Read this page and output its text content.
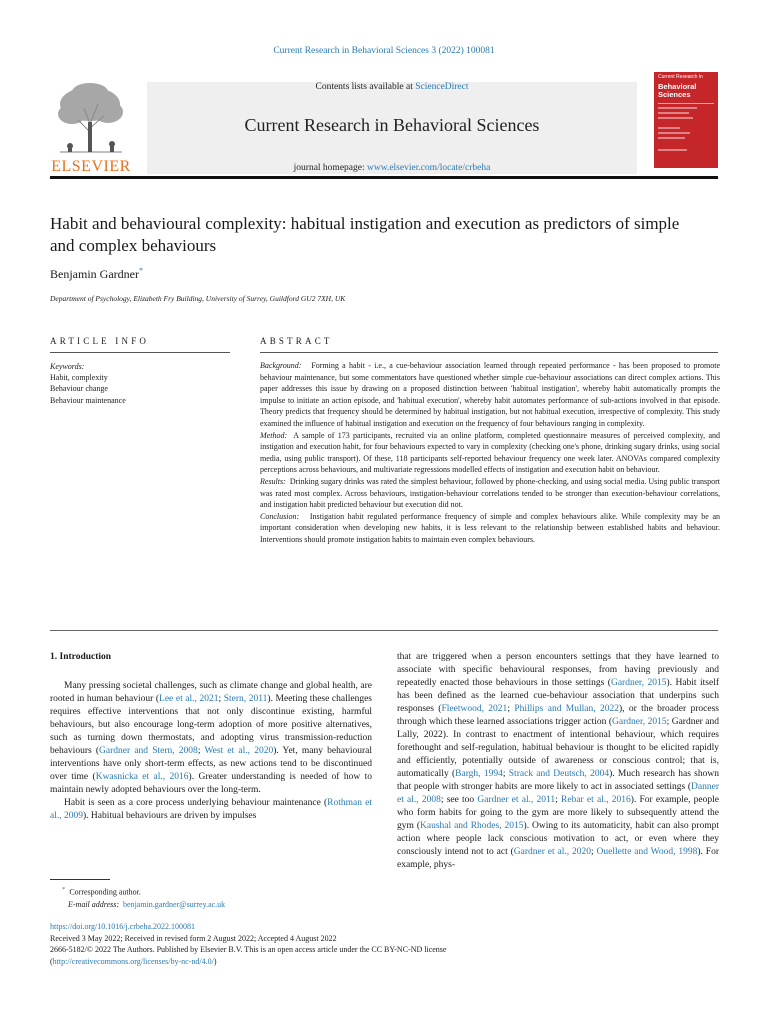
Current Research in Behavioral Sciences 3 (2022) 100081
ELSEVIER
Contents lists available at ScienceDirect
Current Research in Behavioral Sciences
journal homepage: www.elsevier.com/locate/crbeha
Current Research in
Behavioral
Sciences
Habit and behavioural complexity: habitual instigation and execution as predictors of simple and complex behaviours
Benjamin Gardner*
Department of Psychology, Elizabeth Fry Building, University of Surrey, Guildford GU2 7XH, UK
ARTICLE INFO	ABSTRACT
Keywords:
Habit, complexity
Behaviour change
Behaviour maintenance

Background: Forming a habit - i.e., a cue-behaviour association learned through repeated performance - has been proposed to promote behaviour maintenance, but some commentators have questioned whether simple cue-behaviour associations can direct complex actions. This paper addresses this issue by drawing on a proposed distinction between 'habitual instigation', whereby habit automatically prompts the impulse to initiate an action episode, and 'habitual execution', whereby habit automates performance of sub-actions involved in that episode. Theory predicts that frequency should be determined by habitual instigation, but not habitual execution, irrespective of complexity. This study examined the influence of habitual instigation and execution on the frequency of four behaviours ranging in complexity.

Method: A sample of 173 participants, recruited via an online platform, completed questionnaire measures of perceived complexity, and instigation and execution habit, for four behaviours expected to vary in complexity (checking one's phone, drinking sugary drinks, using social media, using public transport). Of these, 118 participants self-reported behaviour frequency one week later. ANOVAs compared complexity perceptions across behaviours, and multivariate regressions modelled effects of instigation and execution habit on behaviour.

Results: Drinking sugary drinks was rated the simplest behaviour, followed by phone-checking, and using social media. Using public transport was rated most complex. Across behaviours, instigation-behaviour correlations tended to be stronger than execution-behaviour correlations, and instigation habit predicted behaviour but execution did not.

Conclusion: Instigation habit regulated performance frequency of simple and complex behaviours alike. While complexity may be an important consideration when developing new habits, it is less relevant to the relationship between established habits and behaviour. Interventions should promote instigation habits to maintain even complex behaviours.

1. Introduction

Many pressing societal challenges, such as climate change and global health, are rooted in human behaviour (Lee et al., 2021; Stern, 2011). Meeting these challenges requires effective interventions that not only discontinue existing, harmful behaviours, but also encourage long-term adoption of more positive alternatives, such as turning down thermostats, and adopting virus transmission-reduction behaviours (Gardner and Stern, 2008; West et al., 2020). Yet, many behavioural interventions have only short-term effects, as new actions tend to be discontinued over time (Kwasnicka et al., 2016). Greater understanding is needed of how to maintain newly adopted behaviours over the long-term.

Habit is seen as a core process underlying behaviour maintenance (Rothman et al., 2009). Habitual behaviours are driven by impulses

that are triggered when a person encounters settings that they have learned to associate with specific behavioural responses, from having previously and repeatedly enacted those behaviours in those settings (Gardner, 2015). Habit itself has been defined as the learned cue-behaviour association that underpins such responses (Fleetwood, 2021; Phillips and Mullan, 2022), or the broader process through which these learned associations trigger action (Gardner, 2015; Gardner and Lally, 2022). In contrast to enactment of intentional behaviour, which requires forethought and self-regulation, habitual behaviour is thought to be elicited rapidly and efficiently, potentially outside of awareness or conscious control; that is, automatically (Bargh, 1994; Strack and Deutsch, 2004). Much research has shown that people with stronger habits are more likely to act in associated settings (Danner et al., 2008; see too Gardner et al., 2011; Rebar et al., 2016). For example, people who form habits for going to the gym are more likely to subsequently attend the gym (Kaushal and Rhodes, 2015). Owing to its automaticity, habit can also prompt action where people lack conscious motivation to act, or even where they consciously intend not to act (Gardner et al., 2020; Ouellette and Wood, 1998). For example, phys-

* Corresponding author.
E-mail address: benjamin.gardner@surrey.ac.uk
https://doi.org/10.1016/j.crbeha.2022.100081
Received 3 May 2022; Received in revised form 2 August 2022; Accepted 4 August 2022
2666-5182/© 2022 The Authors. Published by Elsevier B.V. This is an open access article under the CC BY-NC-ND license
(http://creativecommons.org/licenses/by-nc-nd/4.0/)
